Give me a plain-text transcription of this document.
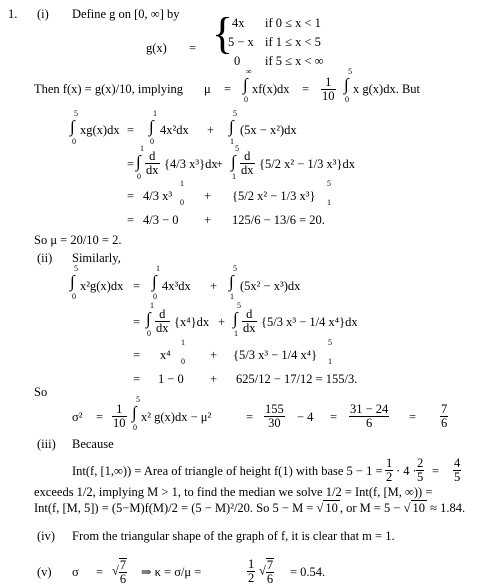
1. (i) Define g on [0, ∞] by
g(x) = {
4x if 0 ≤ x < 1
5 − x if 1 ≤ x < 5
0 if 5 ≤ x < ∞
Then f(x) = g(x)/10, implying μ =
∞
∫
0
$xf(x)dx = \frac{1}{10}$
5
∫
0
x g(x)dx. But
5
∫
0
xg(x)dx =
1
∫
0
4x²dx +
5
∫
1
(5x − x²)dx
=
1
∫
0
$\frac{d}{dx} \{4/3$ x³}dx
+
5
∫
1
$\frac{d}{dx} \{5/2$ x² − 1/3 x³}dx
= 4/3 x³
1
0 + {5/2 x² − 1/3 x³}
5
1
= 4/3 − 0 + 125/6 − 13/6 = 20.
So μ = 20/10 = 2.
(ii) Similarly,
5
∫
0
x²g(x)dx =
1
∫
0
4x³dx +
5
∫
1
(5x² − x³)dx
=
1
∫
$0 \frac{d}{dx} \{x^4\}dx$ +
5
∫
$1 \frac{d}{dx} \{5/3$ x³ − 1/4 x⁴}dx
= x⁴
1
0 + {5/3 x³ − 1/4 x⁴}
5
1
= 1 − 0 + 625/12 − 17/12 = 155/3.
So
$\sigma^2 = \frac{1}{10}$
5
∫
0
x² g(x)dx − μ²	= $\frac{155}{30} - 4 = \frac{31 - 24}{6} = \frac{7}{6}$
(iii) Because
Int(f, [1,∞)) = Area of triangle of height f(1) with base $5 - 1 = \frac{1}{2} \cdot 4 \cdot \frac{2}{5} = \frac{4}{5}$
exceeds 1/2, implying M > 1, to find the median we solve 1/2 = Int(f, [M, ∞)) =
Int(f, [M, 5]) = (5−M)f(M)/2 = (5 − M)²/20. So 5 − M = √ 10 , or M = 5 − √ 10 ≈ 1.84.
(iv) From the triangular shape of the graph of f, it is clear that m = 1.
(v) σ = √ $\frac{7}{6}$ ⇒ κ = σ/μ =	$\frac{1}{2}$ √ $\frac{7}{6} = 0.54$.
